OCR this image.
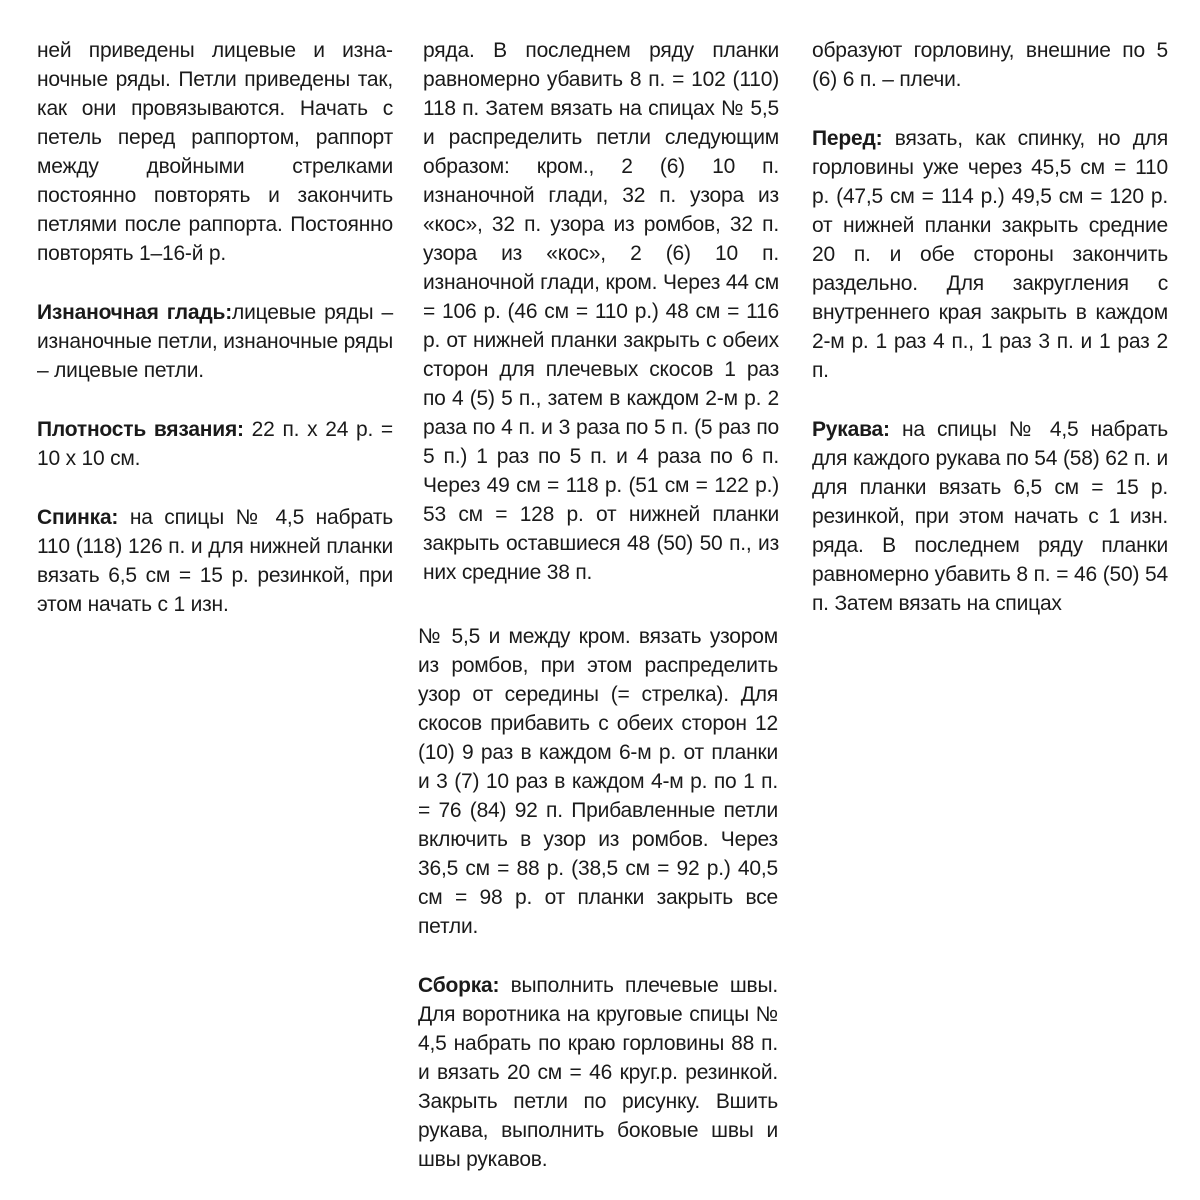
ней приведены лицевые и изнаночные ряды. Петли приведены так, как они провязываются. Начать с петель перед раппортом, раппорт между двойными стрелками постоянно повторять и закончить петлями после раппорта. Постоянно повторять 1–16-й р.

Изнаночная гладь:лицевые ряды – изнаночные петли, изнаночные ряды – лицевые петли.

Плотность вязания: 22 п. х 24 р. = 10 х 10 см.

Спинка: на спицы № 4,5 набрать 110 (118) 126 п. и для нижней планки вязать 6,5 см = 15 р. резинкой, при этом начать с 1 изн.

ряда. В последнем ряду планки равномерно убавить 8 п. = 102 (110) 118 п. Затем вязать на спицах № 5,5 и распределить петли следующим образом: кром., 2 (6) 10 п. изнаночной глади, 32 п. узора из «кос», 32 п. узора из ромбов, 32 п. узора из «кос», 2 (6) 10 п. изнаночной глади, кром. Через 44 см = 106 р. (46 см = 110 р.) 48 см = 116 р. от нижней планки закрыть с обеих сторон для плечевых скосов 1 раз по 4 (5) 5 п., затем в каждом 2-м р. 2 раза по 4 п. и 3 раза по 5 п. (5 раз по 5 п.) 1 раз по 5 п. и 4 раза по 6 п. Через 49 см = 118 р. (51 см = 122 р.) 53 см = 128 р. от нижней планки закрыть оставшиеся 48 (50) 50 п., из них средние 38 п.

№ 5,5 и между кром. вязать узором из ромбов, при этом распределить узор от середины (= стрелка). Для скосов прибавить с обеих сторон 12 (10) 9 раз в каждом 6-м р. от планки и 3 (7) 10 раз в каждом 4-м р. по 1 п. = 76 (84) 92 п. Прибавленные петли включить в узор из ромбов. Через 36,5 см = 88 р. (38,5 см = 92 р.) 40,5 см = 98 р. от планки закрыть все петли.

Сборка: выполнить плечевые швы. Для воротника на круговые спицы № 4,5 набрать по краю горловины 88 п. и вязать 20 см = 46 круг.р. резинкой. Закрыть петли по рисунку. Вшить рукава, выполнить боковые швы и швы рукавов.

образуют горловину, внешние по 5 (6) 6 п. – плечи.

Перед: вязать, как спинку, но для горловины уже через 45,5 см = 110 р. (47,5 см = 114 р.) 49,5 см = 120 р. от нижней планки закрыть средние 20 п. и обе стороны закончить раздельно. Для закругления с внутреннего края закрыть в каждом 2-м р. 1 раз 4 п., 1 раз 3 п. и 1 раз 2 п.

Рукава: на спицы № 4,5 набрать для каждого рукава по 54 (58) 62 п. и для планки вязать 6,5 см = 15 р. резинкой, при этом начать с 1 изн. ряда. В последнем ряду планки равномерно убавить 8 п. = 46 (50) 54 п. Затем вязать на спицах
